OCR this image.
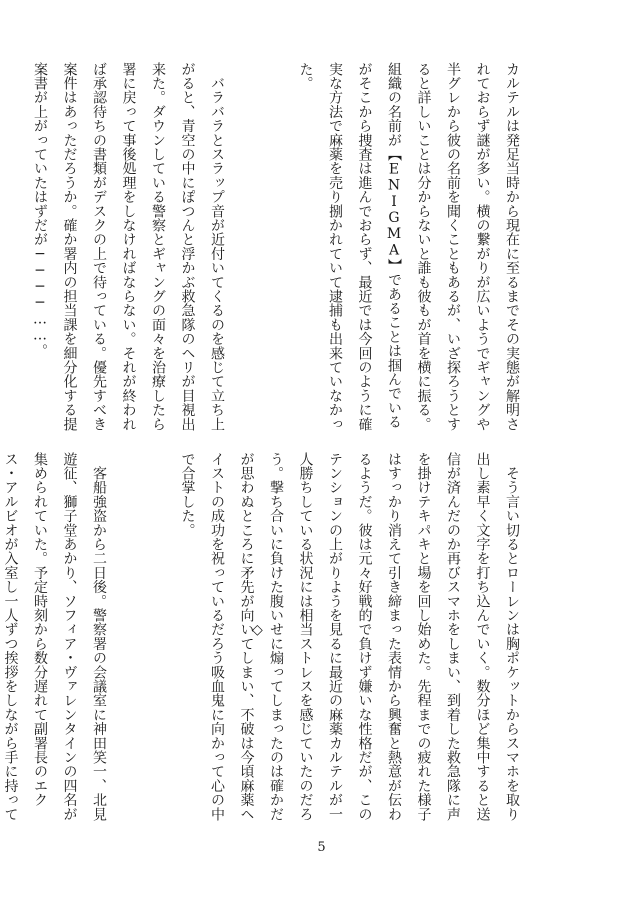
カルテルは発足当時から現在に至るまでその実態が解明されておらず謎が多い。横の繋がりが広いようでギャングや半グレから彼の名前を聞くこともあるが、いざ探ろうとすると詳しいことは分からないと誰も彼もが首を横に振る。組織の名前が【ENIGMA】であることは掴んでいるがそこから捜査は進んでおらず、最近では今回のように確実な方法で麻薬を売り捌かれていて逮捕も出来ていなかった。

　バラバラとスラップ音が近付いてくるのを感じて立ち上がると、青空の中にぽつんと浮かぶ救急隊のヘリが目視出来た。ダウンしている警察とギャングの面々を治療したら署に戻って事後処理をしなければならない。それが終われば承認待ちの書類がデスクの上で待っている。優先すべき案件はあっただろうか。確か署内の担当課を細分化する提案書が上がっていたはずだが────……。

　そう言い切るとローレンは胸ポケットからスマホを取り出し素早く文字を打ち込んでいく。数分ほど集中すると送信が済んだのか再びスマホをしまい、到着した救急隊に声を掛けテキパキと場を回し始めた。先程までの疲れた様子はすっかり消えて引き締まった表情から興奮と熱意が伝わるようだ。彼は元々好戦的で負けず嫌いな性格だが、このテンションの上がりようを見るに最近の麻薬カルテルが一人勝ちしている状況には相当ストレスを感じていたのだろう。撃ち合いに負けた腹いせに煽ってしまったのは確かだが思わぬところに矛先が向いてしまい、不破は今頃麻薬ヘイストの成功を祝っているだろう吸血鬼に向かって心の中で合掌した。

　客船強盗から二日後。警察署の会議室に神田笑一、北見遊征、獅子堂あかり、ソフィア・ヴァレンタインの四名が集められていた。予定時刻から数分遅れて副署長のエクス・アルビオが入室し一人ずつ挨拶をしながら手に持って

◇
5
